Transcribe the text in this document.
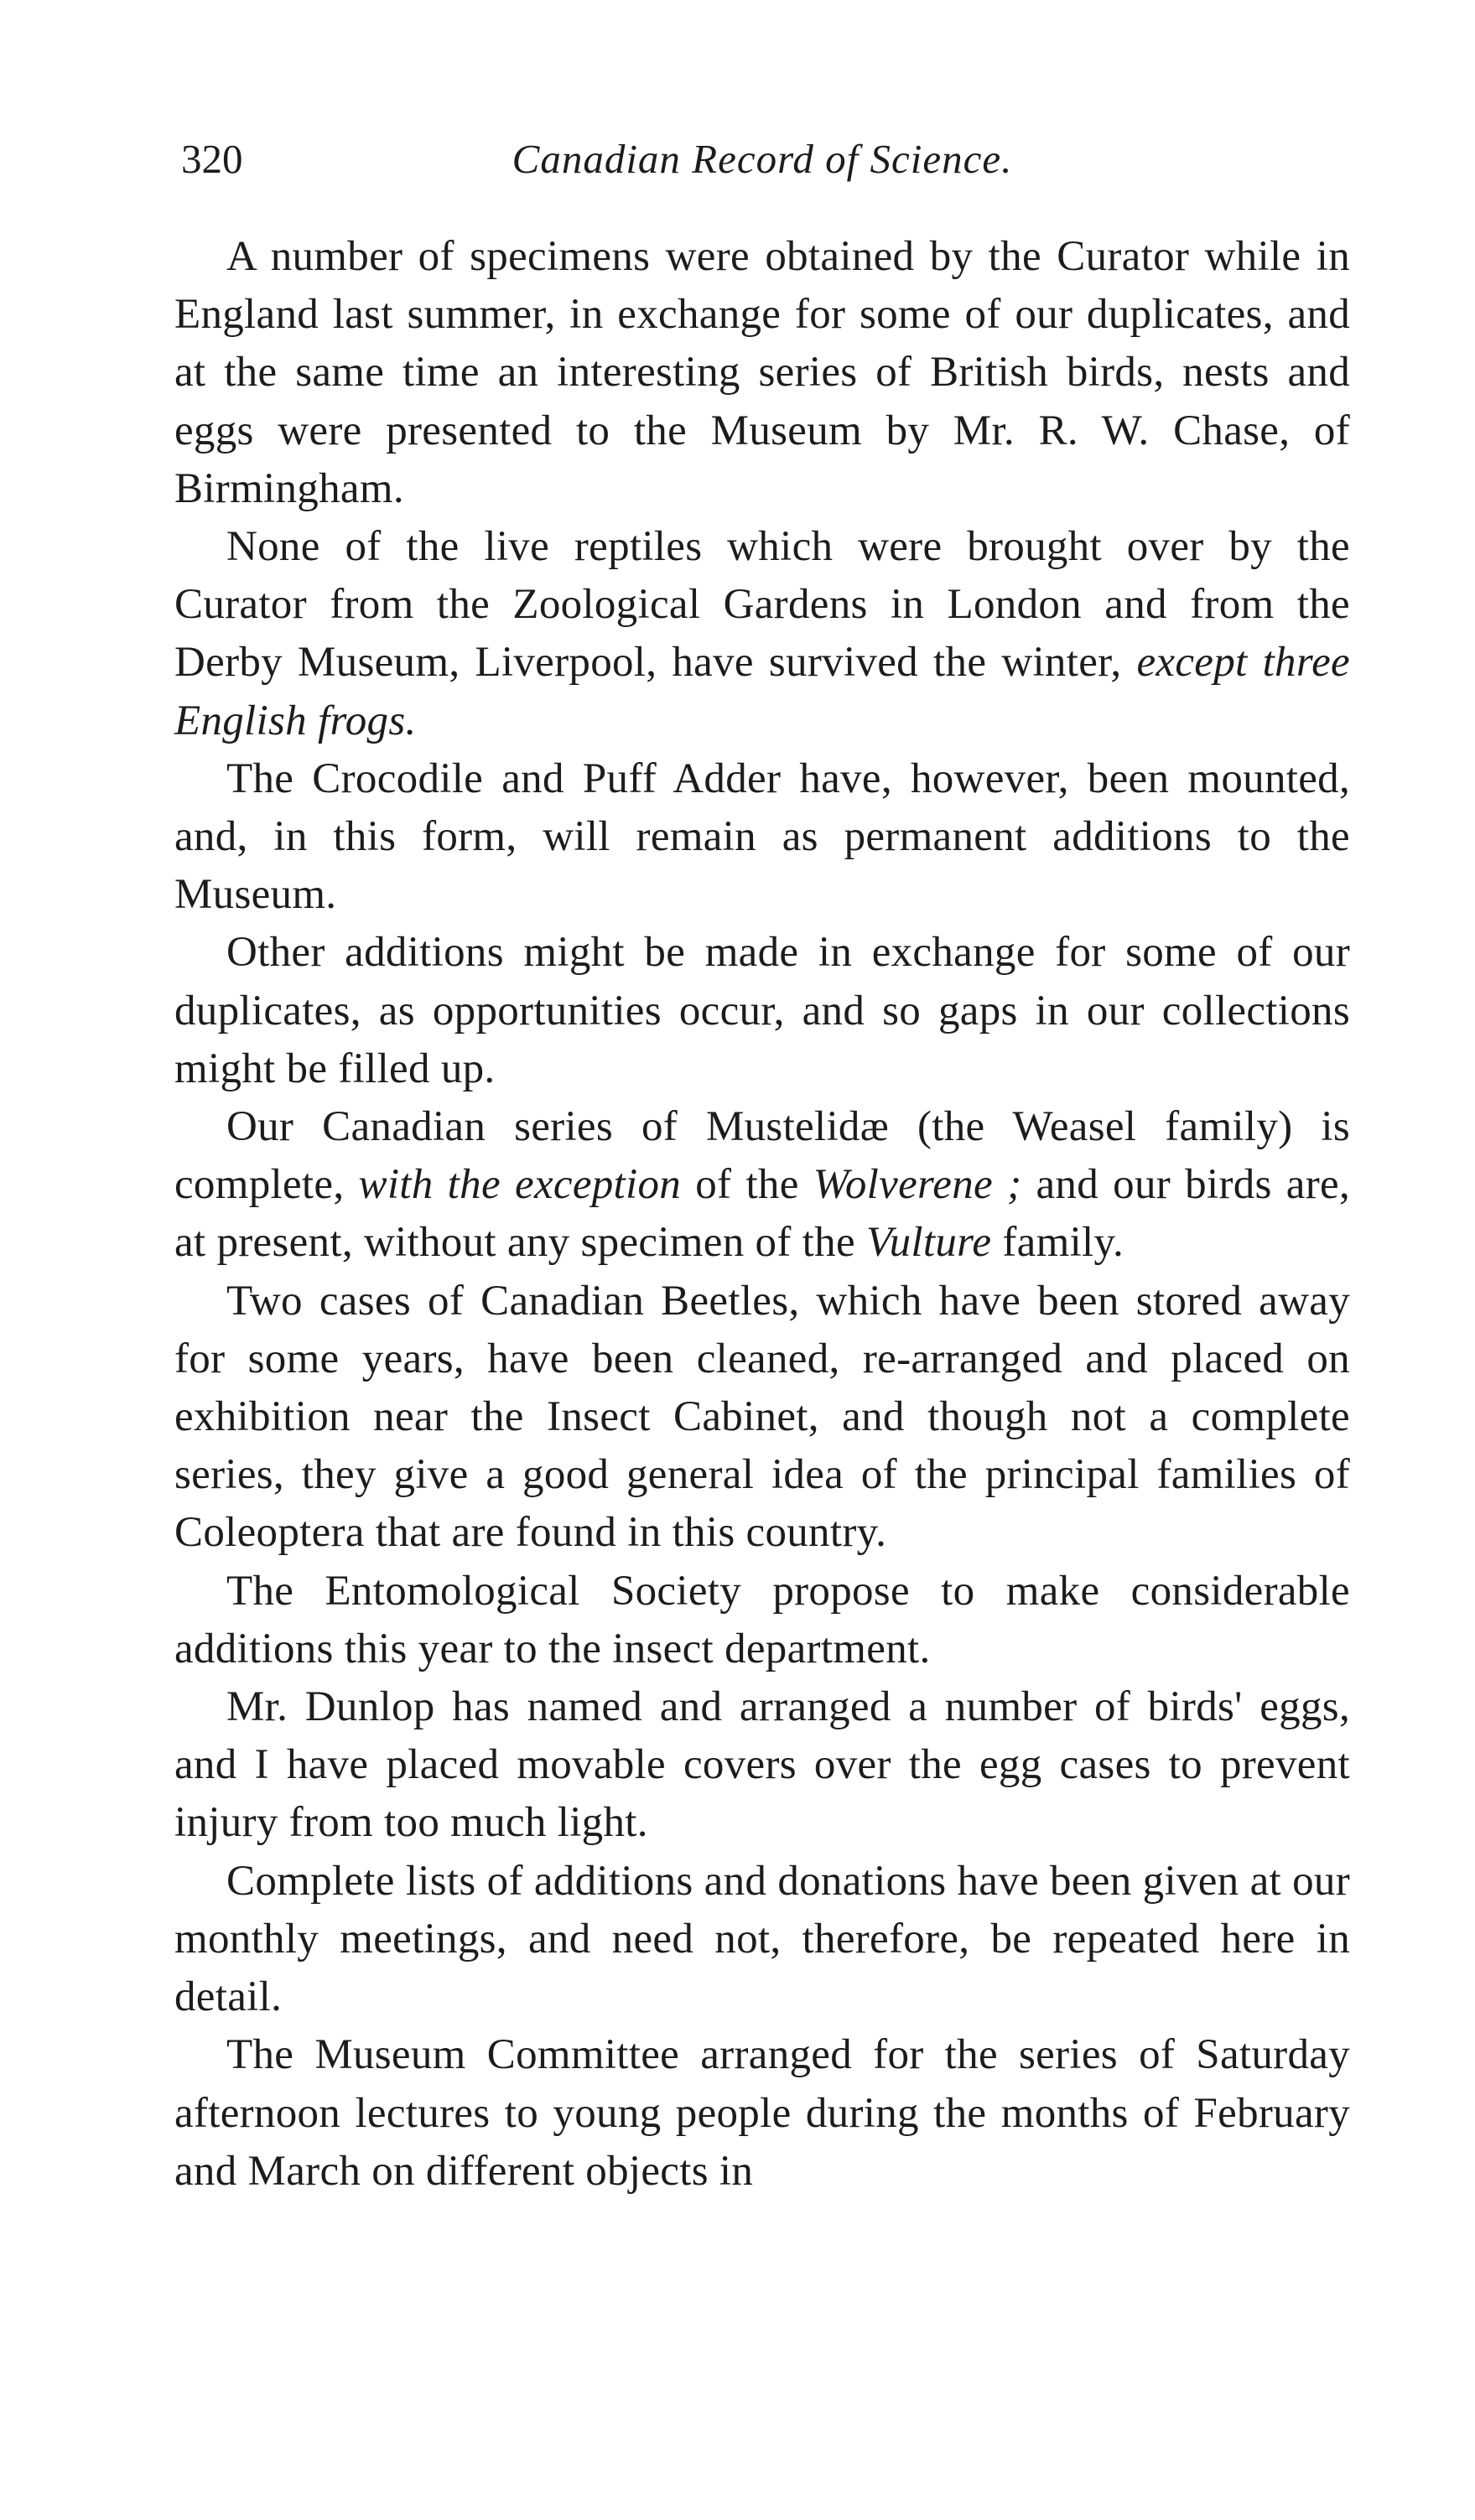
320	Canadian Record of Science.

A number of specimens were obtained by the Curator while in England last summer, in exchange for some of our duplicates, and at the same time an interesting series of British birds, nests and eggs were presented to the Museum by Mr. R. W. Chase, of Birmingham.

None of the live reptiles which were brought over by the Curator from the Zoological Gardens in London and from the Derby Museum, Liverpool, have survived the winter, except three English frogs.

The Crocodile and Puff Adder have, however, been mounted, and, in this form, will remain as permanent additions to the Museum.

Other additions might be made in exchange for some of our duplicates, as opportunities occur, and so gaps in our collections might be filled up.

Our Canadian series of Mustelidæ (the Weasel family) is complete, with the exception of the Wolverene ; and our birds are, at present, without any specimen of the Vulture family.

Two cases of Canadian Beetles, which have been stored away for some years, have been cleaned, re-arranged and placed on exhibition near the Insect Cabinet, and though not a complete series, they give a good general idea of the principal families of Coleoptera that are found in this country.

The Entomological Society propose to make considerable additions this year to the insect department.

Mr. Dunlop has named and arranged a number of birds' eggs, and I have placed movable covers over the egg cases to prevent injury from too much light.

Complete lists of additions and donations have been given at our monthly meetings, and need not, therefore, be repeated here in detail.

The Museum Committee arranged for the series of Saturday afternoon lectures to young people during the months of February and March on different objects in
